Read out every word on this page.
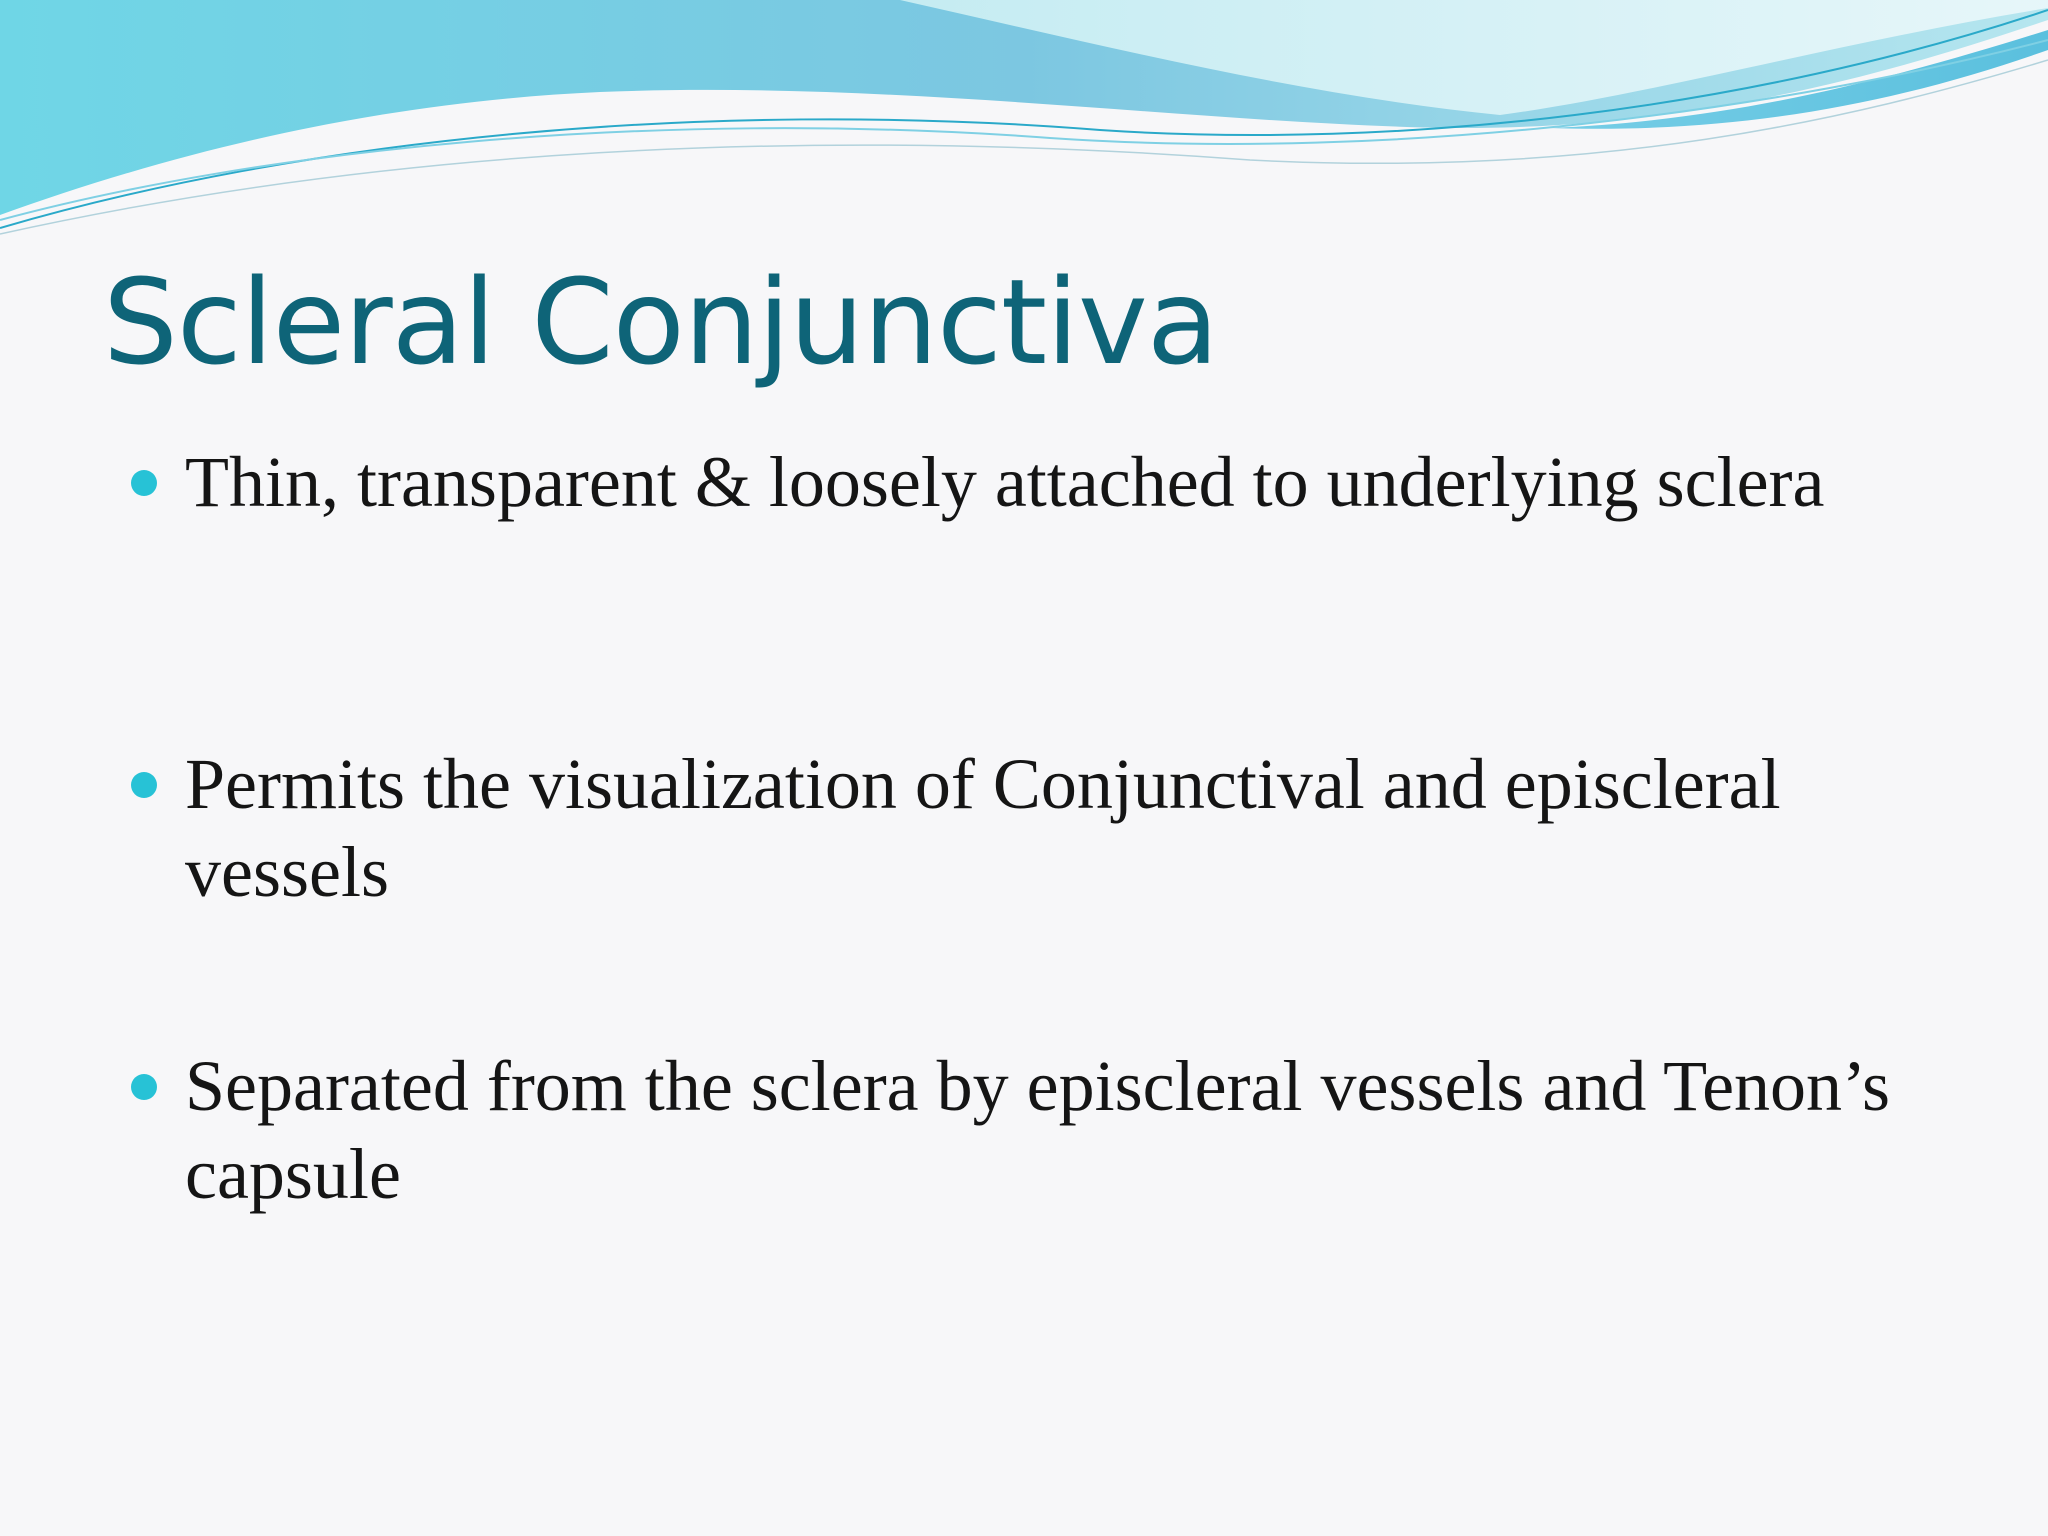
Scleral Conjunctiva
Thin, transparent & loosely attached to underlying sclera
Permits the visualization of Conjunctival and episcleral vessels
Separated from the sclera by episcleral vessels and Tenon’s capsule
